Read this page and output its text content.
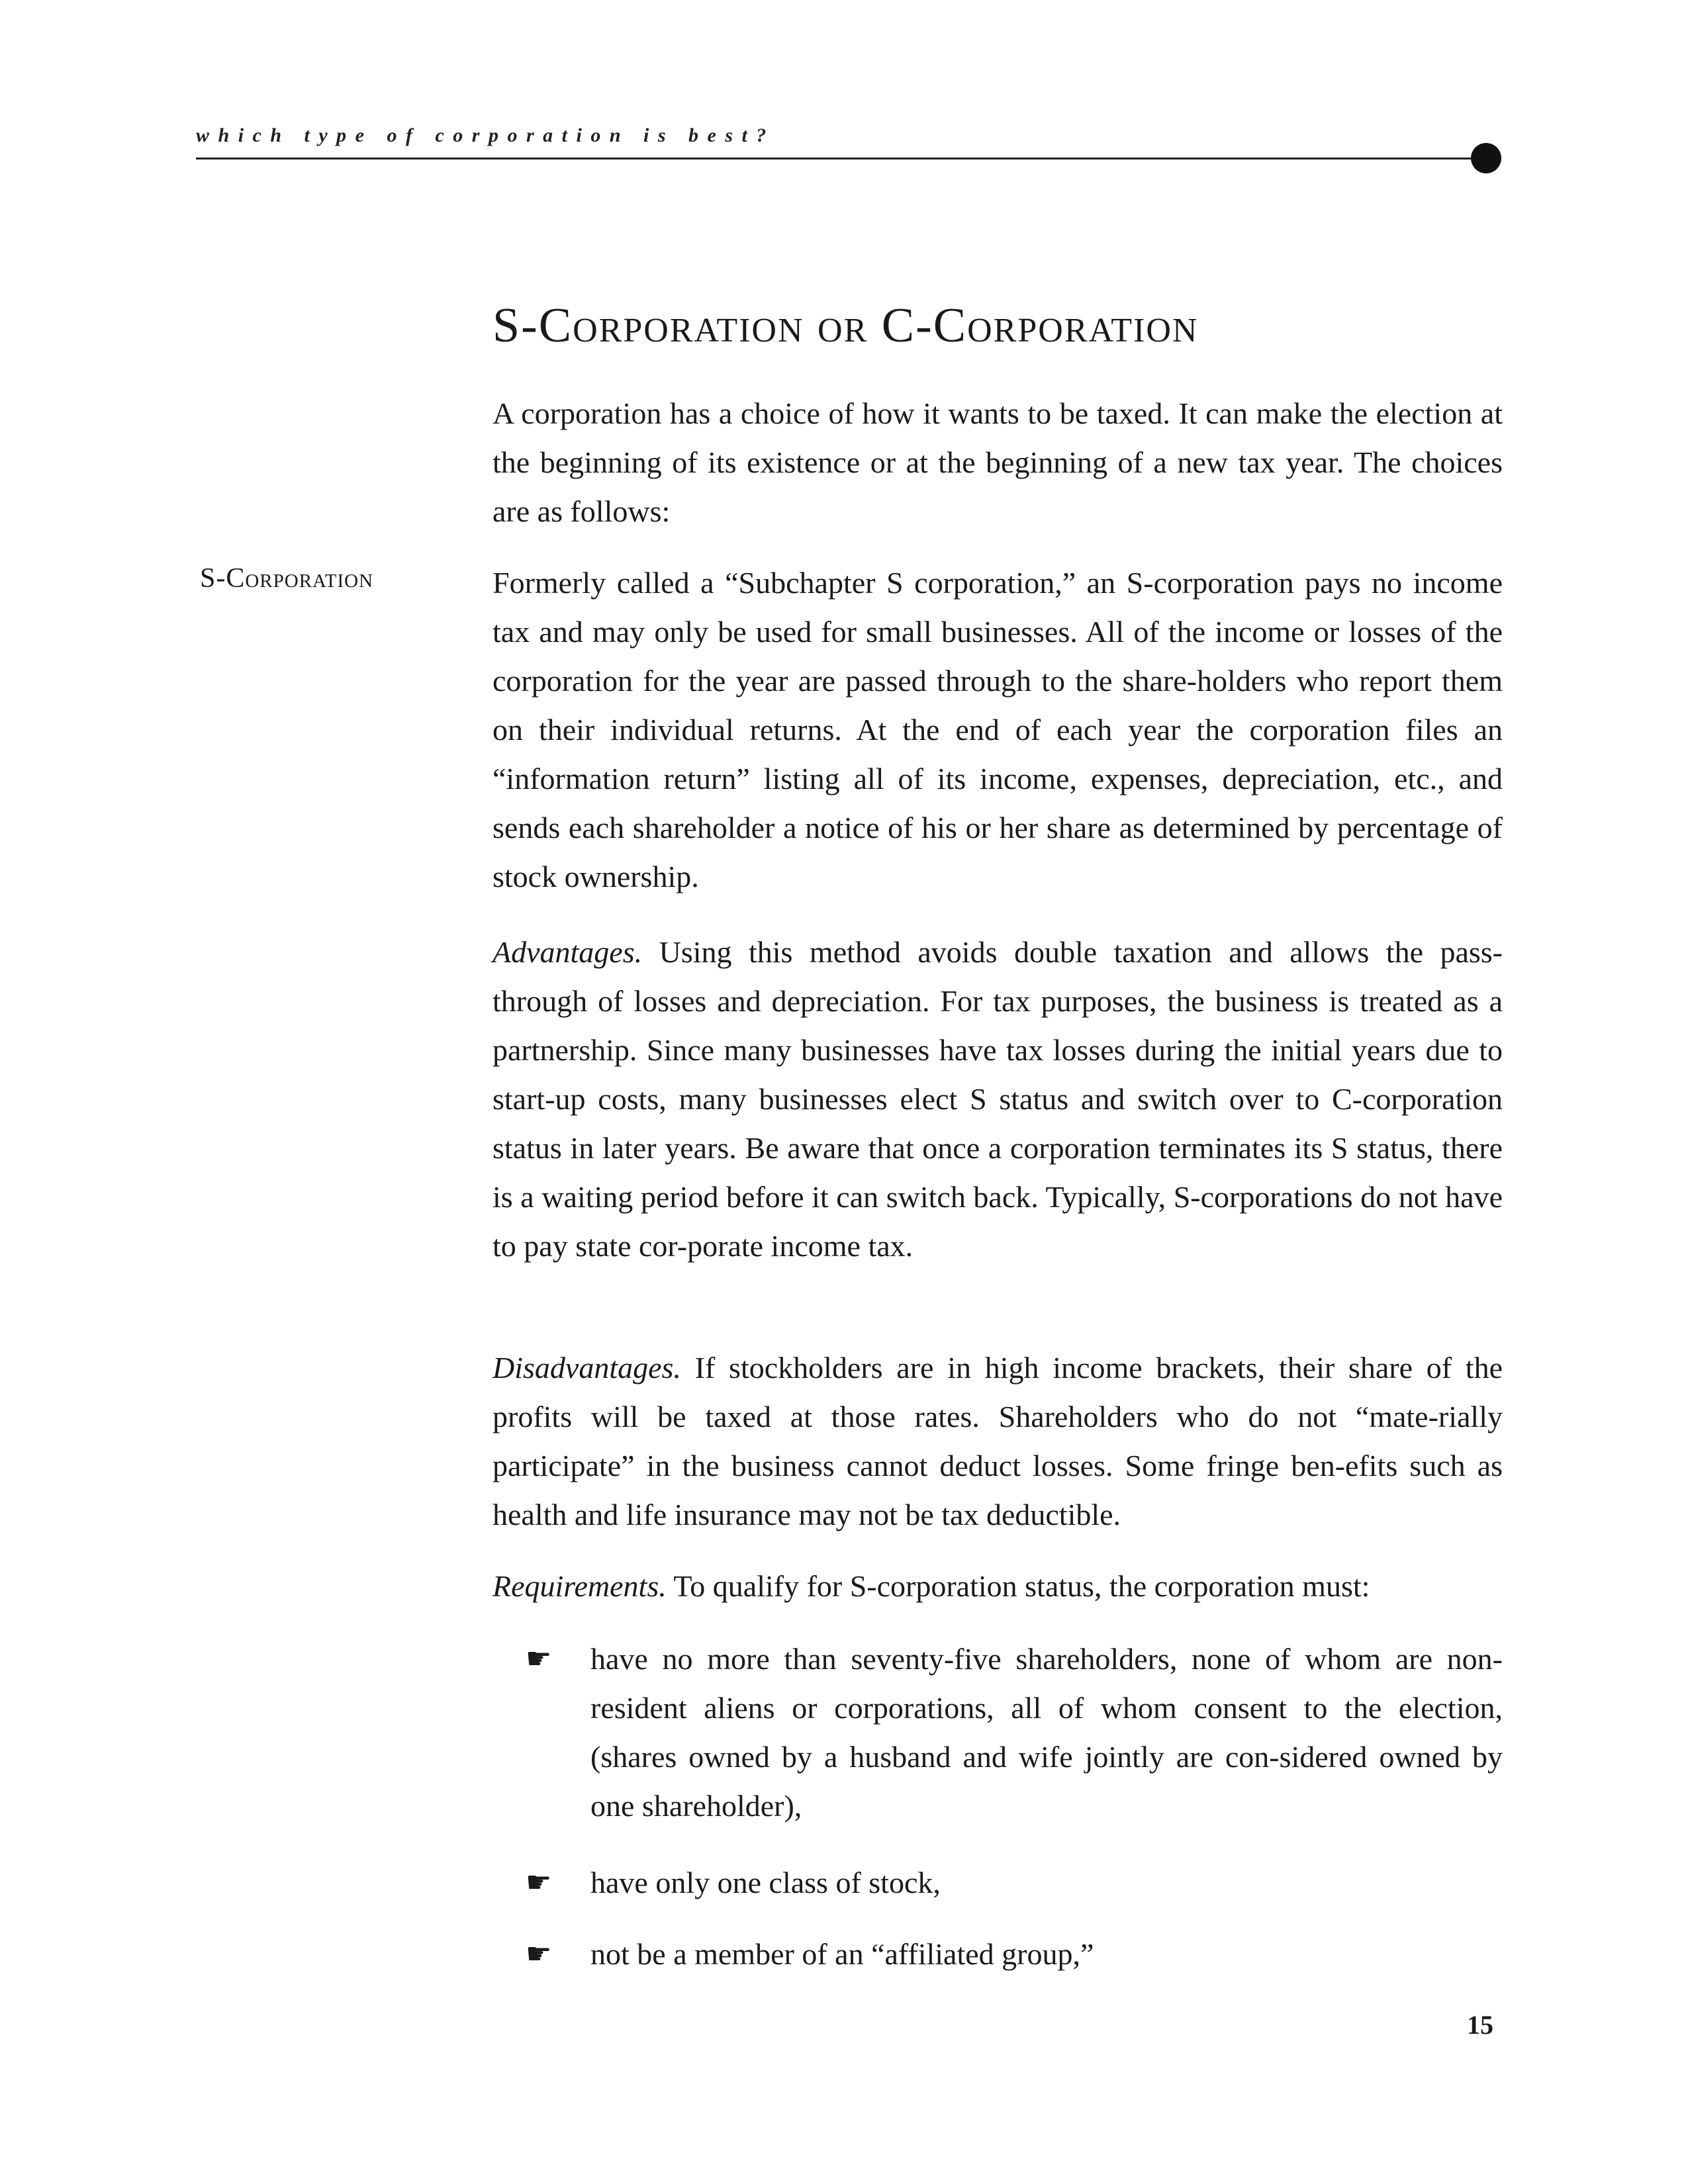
which type of corporation is best?
S-Corporation or C-Corporation

A corporation has a choice of how it wants to be taxed. It can make the election at the beginning of its existence or at the beginning of a new tax year. The choices are as follows:

S-Corporation	Formerly called a “Subchapter S corporation,” an S-corporation pays no income tax and may only be used for small businesses. All of the income or losses of the corporation for the year are passed through to the share-holders who report them on their individual returns. At the end of each year the corporation files an “information return” listing all of its income, expenses, depreciation, etc., and sends each shareholder a notice of his or her share as determined by percentage of stock ownership.

Advantages. Using this method avoids double taxation and allows the pass-through of losses and depreciation. For tax purposes, the business is treated as a partnership. Since many businesses have tax losses during the initial years due to start-up costs, many businesses elect S status and switch over to C-corporation status in later years. Be aware that once a corporation terminates its S status, there is a waiting period before it can switch back. Typically, S-corporations do not have to pay state cor-porate income tax.

Disadvantages. If stockholders are in high income brackets, their share of the profits will be taxed at those rates. Shareholders who do not “mate-rially participate” in the business cannot deduct losses. Some fringe ben-efits such as health and life insurance may not be tax deductible.

Requirements. To qualify for S-corporation status, the corporation must:

☛ have no more than seventy-five shareholders, none of whom are non-resident aliens or corporations, all of whom consent to the election, (shares owned by a husband and wife jointly are con-sidered owned by one shareholder),
☛ have only one class of stock,
☛ not be a member of an “affiliated group,”
15
